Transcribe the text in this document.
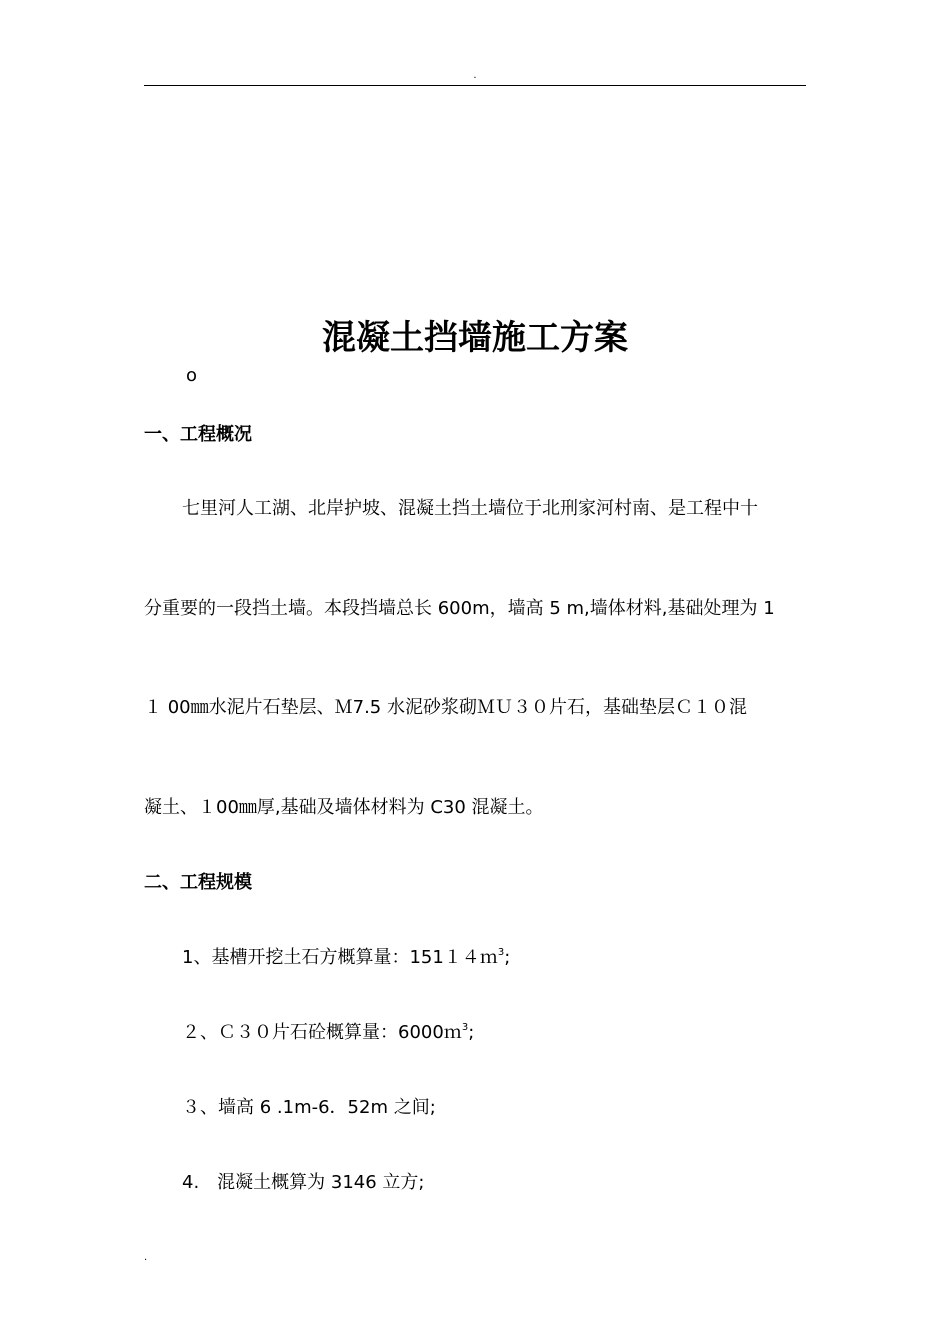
.
混凝土挡墙施工方案
o
一、工程概况
七里河人工湖、北岸护坡、混凝土挡土墙位于北刑家河村南、是工程中十
分重要的一段挡土墙。本段挡墙总长 600m，墙高 5 m,墙体材料,基础处理为 1
１ 00㎜水泥片石垫层、Ｍ7.5 水泥砂浆砌ＭＵ３０片石，基础垫层Ｃ１０混
凝土、１00㎜厚,基础及墙体材料为 C30 混凝土。
二、工程规模
1、基槽开挖土石方概算量：151１４ｍ$^3$;
２、Ｃ３０片石砼概算量：6000ｍ$^3$;
３、墙高 6 .1m-6．52m 之间;
4.　混凝土概算为 3146 立方;
.
